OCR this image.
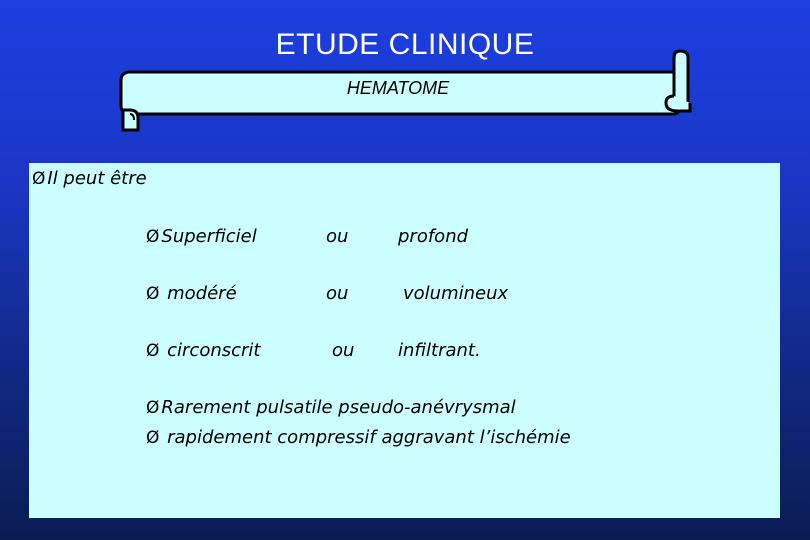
ETUDE CLINIQUE
HEMATOME
Ø Il peut être
Ø Superficiel	ou	profond
Ø modéré	ou	volumineux
Ø circonscrit	ou infiltrant.
Ø Rarement pulsatile pseudo-anévrysmal
Ø rapidement compressif aggravant l’ischémie
